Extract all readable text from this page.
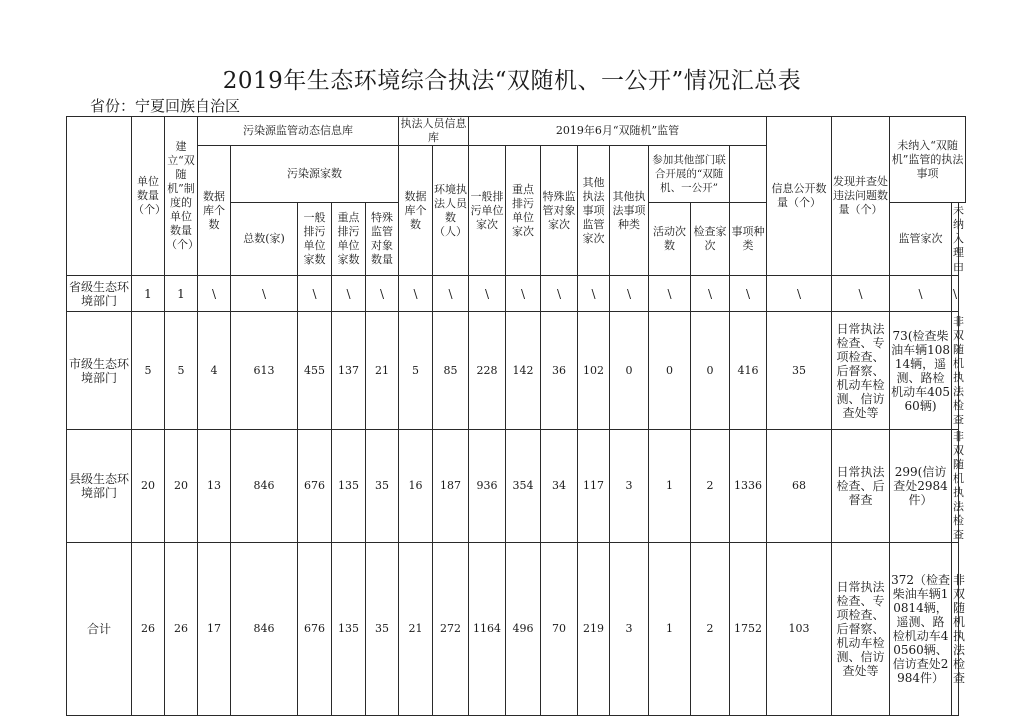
2019年生态环境综合执法“双随机、一公开”情况汇总表
省份：宁夏回族自治区
	单位数量（个）	建立“双随机”制度的单位数量（个）	污染源监管动态信息库					执法人员信息库		2019年6月“双随机”监管								信息公开数量（个）	发现并查处违法问题数量（个）	未纳入“双随机”监管的执法事项	
			数据库个数	污染源家数				数据库个数	环境执法人员数（人）	一般排污单位家次	重点排污单位家次	特殊监管对象家次	其他执法事项监管家次	其他执法事项种类	参加其他部门联合开展的“双随机、一公开”						
				总数(家)	一般排污单位家数	重点排污单位家数	特殊监管对象数量								活动次数	检查家次	事项种类			监管家次	未纳入理由
省级生态环境部门	1	1	\	\	\	\	\	\	\	\	\	\	\	\	\	\	\	\	\	\	\
市级生态环境部门	5	5	4	613	455	137	21	5	85	228	142	36	102	0	0	0	416	35	日常执法检查、专项检查、后督察、机动车检测、信访查处等	73(检查柴油车辆10814辆，遥测、路检机动车40560辆)	非双随机执法检查
县级生态环境部门	20	20	13	846	676	135	35	16	187	936	354	34	117	3	1	2	1336	68	日常执法检查、后督查	299(信访查处2984件）	非双随机执法检查
合计	26	26	17	846	676	135	35	21	272	1164	496	70	219	3	1	2	1752	103	日常执法检查、专项检查、后督察、机动车检测、信访查处等	372（检查柴油车辆10814辆，遥测、路检机动车40560辆、信访查处2984件）	非双随机执法检查
